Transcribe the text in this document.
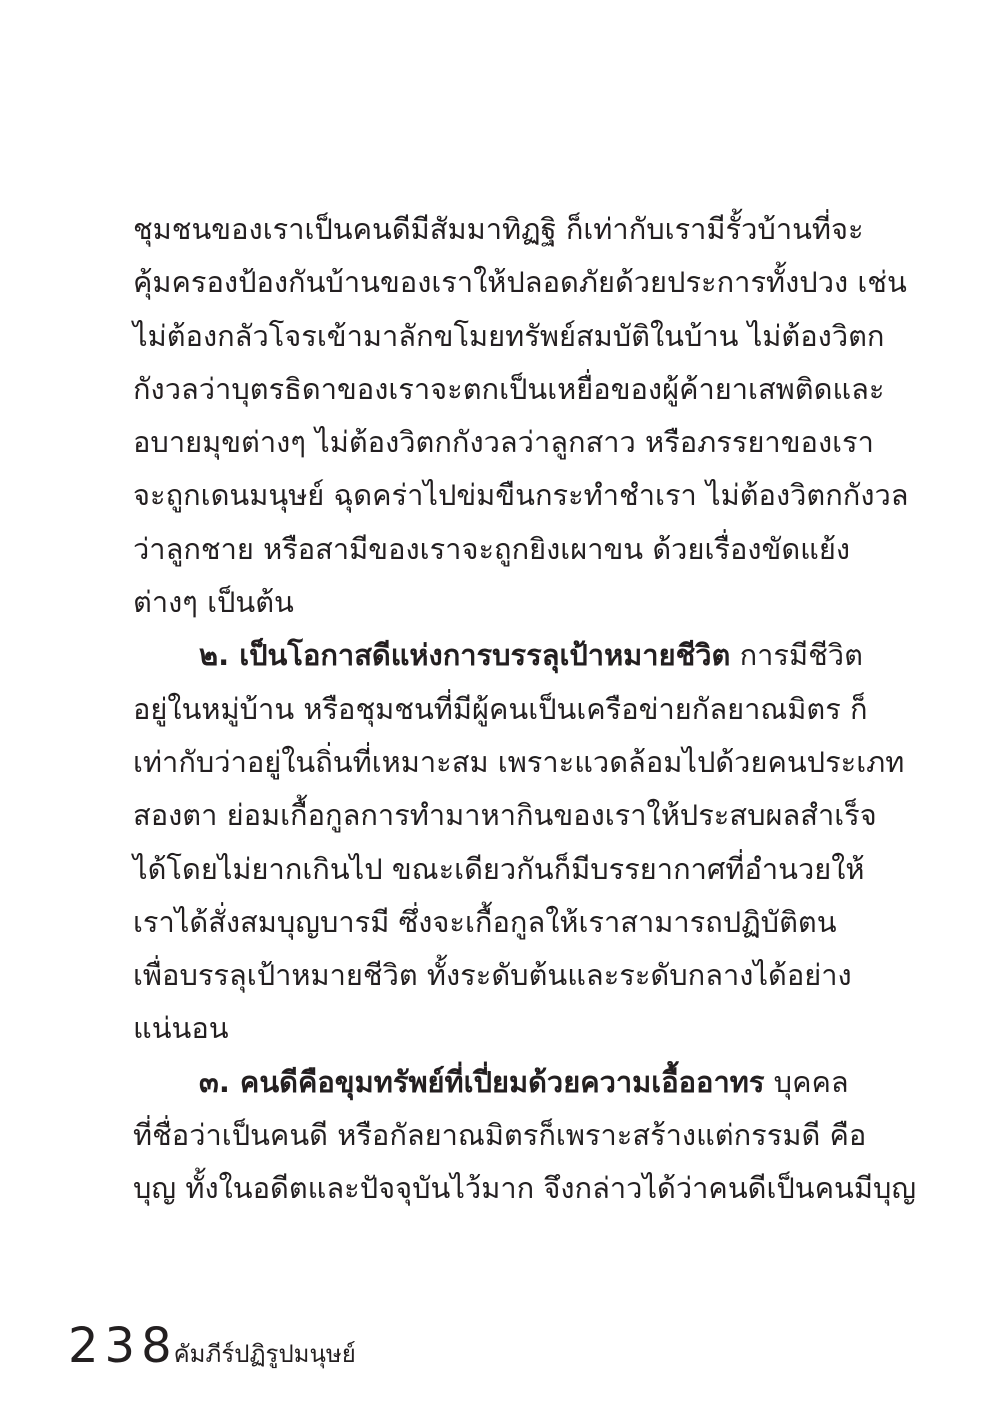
ชุมชนของเราเป็นคนดีมีสัมมาทิฏฐิ ก็เท่ากับเรามีรั้วบ้านที่จะ
คุ้มครองป้องกันบ้านของเราให้ปลอดภัยด้วยประการทั้งปวง เช่น
ไม่ต้องกลัวโจรเข้ามาลักขโมยทรัพย์สมบัติในบ้าน ไม่ต้องวิตก
กังวลว่าบุตรธิดาของเราจะตกเป็นเหยื่อของผู้ค้ายาเสพติดและ
อบายมุขต่างๆ ไม่ต้องวิตกกังวลว่าลูกสาว หรือภรรยาของเรา
จะถูกเดนมนุษย์ ฉุดคร่าไปข่มขืนกระทำชำเรา ไม่ต้องวิตกกังวล
ว่าลูกชาย หรือสามีของเราจะถูกยิงเผาขน ด้วยเรื่องขัดแย้ง
ต่างๆ เป็นต้น
๒. เป็นโอกาสดีแห่งการบรรลุเป้าหมายชีวิต การมีชีวิต
อยู่ในหมู่บ้าน หรือชุมชนที่มีผู้คนเป็นเครือข่ายกัลยาณมิตร ก็
เท่ากับว่าอยู่ในถิ่นที่เหมาะสม เพราะแวดล้อมไปด้วยคนประเภท
สองตา ย่อมเกื้อกูลการทำมาหากินของเราให้ประสบผลสำเร็จ
ได้โดยไม่ยากเกินไป ขณะเดียวกันก็มีบรรยากาศที่อำนวยให้
เราได้สั่งสมบุญบารมี ซึ่งจะเกื้อกูลให้เราสามารถปฏิบัติตน
เพื่อบรรลุเป้าหมายชีวิต ทั้งระดับต้นและระดับกลางได้อย่าง
แน่นอน
๓. คนดีคือขุมทรัพย์ที่เปี่ยมด้วยความเอื้ออาทร บุคคล
ที่ชื่อว่าเป็นคนดี หรือกัลยาณมิตรก็เพราะสร้างแต่กรรมดี คือ
บุญ ทั้งในอดีตและปัจจุบันไว้มาก จึงกล่าวได้ว่าคนดีเป็นคนมีบุญ
238
คัมภีร์ปฏิรูปมนุษย์
